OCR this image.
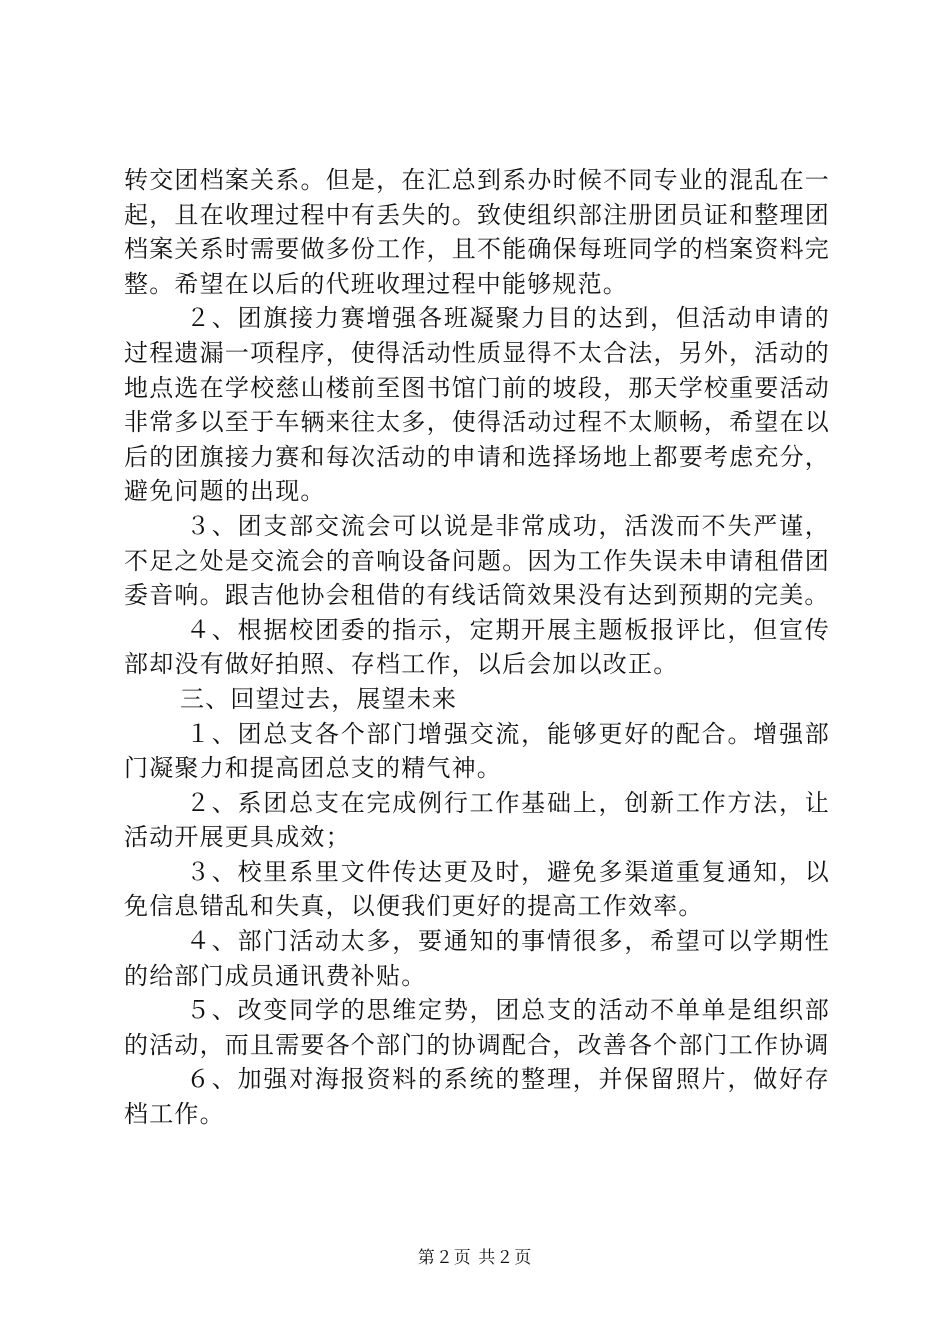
转交团档案关系。但是，在汇总到系办时候不同专业的混乱在一起，且在收理过程中有丢失的。致使组织部注册团员证和整理团档案关系时需要做多份工作，且不能确保每班同学的档案资料完整。希望在以后的代班收理过程中能够规范。

２、团旗接力赛增强各班凝聚力目的达到，但活动申请的过程遗漏一项程序，使得活动性质显得不太合法，另外，活动的地点选在学校慈山楼前至图书馆门前的坡段，那天学校重要活动非常多以至于车辆来往太多，使得活动过程不太顺畅，希望在以后的团旗接力赛和每次活动的申请和选择场地上都要考虑充分，避免问题的出现。

３、团支部交流会可以说是非常成功，活泼而不失严谨，不足之处是交流会的音响设备问题。因为工作失误未申请租借团委音响。跟吉他协会租借的有线话筒效果没有达到预期的完美。

４、根据校团委的指示，定期开展主题板报评比，但宣传部却没有做好拍照、存档工作，以后会加以改正。

三、回望过去，展望未来

１、团总支各个部门增强交流，能够更好的配合。增强部门凝聚力和提高团总支的精气神。

２、系团总支在完成例行工作基础上，创新工作方法，让活动开展更具成效；

３、校里系里文件传达更及时，避免多渠道重复通知，以免信息错乱和失真，以便我们更好的提高工作效率。

４、部门活动太多，要通知的事情很多，希望可以学期性的给部门成员通讯费补贴。

５、改变同学的思维定势，团总支的活动不单单是组织部的活动，而且需要各个部门的协调配合，改善各个部门工作协调

６、加强对海报资料的系统的整理，并保留照片，做好存档工作。

第２页 共２页
